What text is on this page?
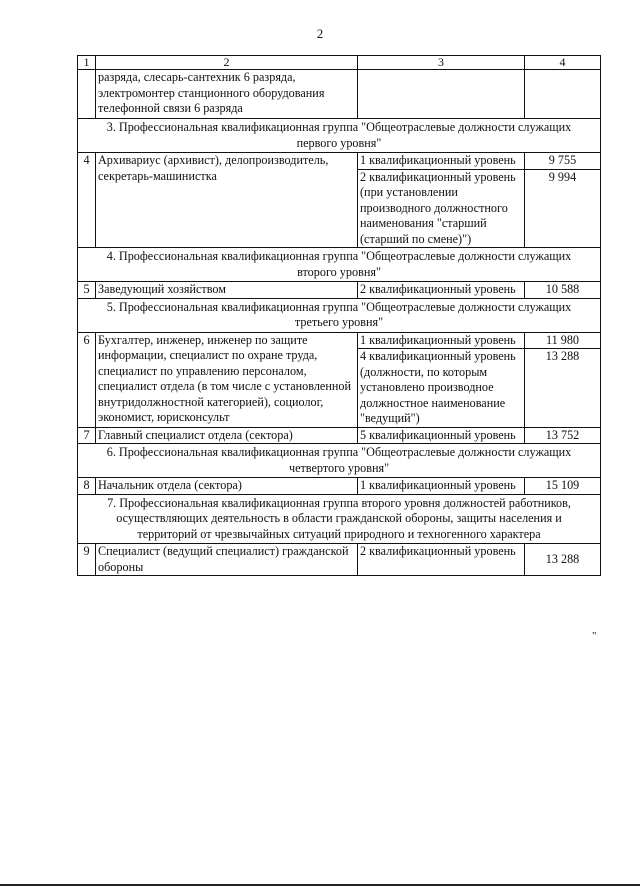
2
1	2	3	4
	разряда, слесарь-сантехник 6 разряда, электромонтер станционного оборудования телефонной связи 6 разряда		
3. Профессиональная квалификационная группа "Общеотраслевые должности служащих первого уровня"			
4	Архивариус (архивист), делопроизводитель, секретарь-машинистка	1 квалификационный уровень	9 755
		2 квалификационный уровень (при установлении производного должностного наименования "старший (старший по смене)")	9 994
4. Профессиональная квалификационная группа "Общеотраслевые должности служащих второго уровня"			
5	Заведующий хозяйством	2 квалификационный уровень	10 588
5. Профессиональная квалификационная группа "Общеотраслевые должности служащих третьего уровня"			
6	Бухгалтер, инженер, инженер по защите информации, специалист по охране труда, специалист по управлению персоналом, специалист отдела (в том числе с установленной внутридолжностной категорией), социолог, экономист, юрисконсульт	1 квалификационный уровень	11 980
		4 квалификационный уровень (должности, по которым установлено производное должностное наименование "ведущий")	13 288
7	Главный специалист отдела (сектора)	5 квалификационный уровень	13 752
6. Профессиональная квалификационная группа "Общеотраслевые должности служащих четвертого уровня"			
8	Начальник отдела (сектора)	1 квалификационный уровень	15 109
7. Профессиональная квалификационная группа второго уровня должностей работников, осуществляющих деятельность в области гражданской обороны, защиты населения и территорий от чрезвычайных ситуаций природного и техногенного характера			
9	Специалист (ведущий специалист) гражданской обороны	2 квалификационный уровень	13 288
"
